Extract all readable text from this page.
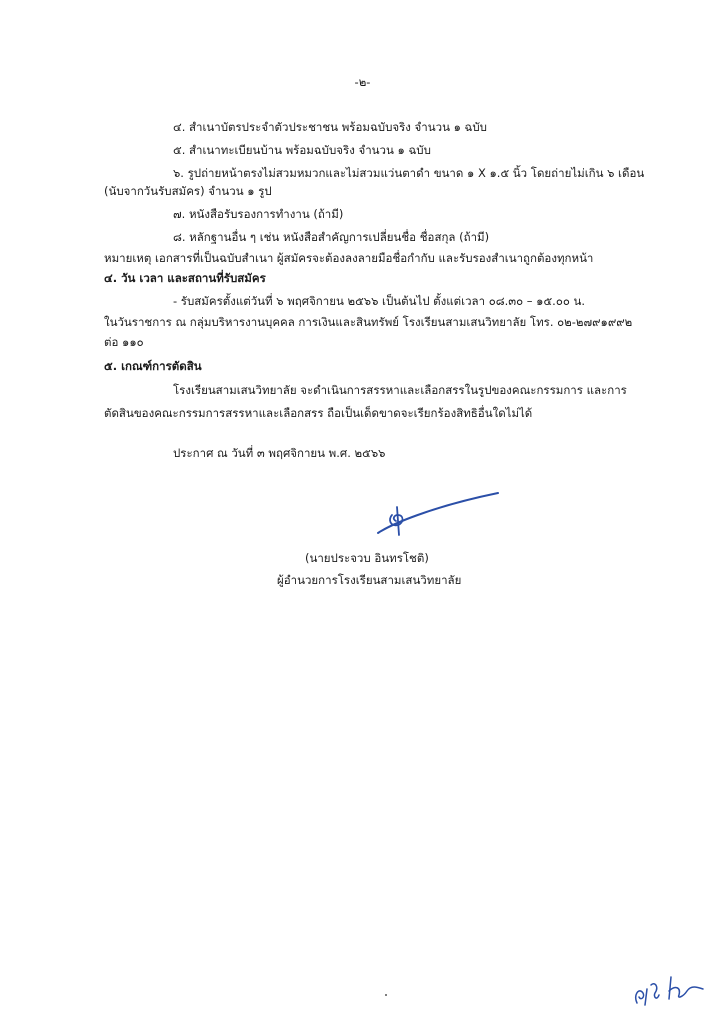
-๒-
๔. สำเนาบัตรประจำตัวประชาชน พร้อมฉบับจริง จำนวน ๑ ฉบับ
๕. สำเนาทะเบียนบ้าน พร้อมฉบับจริง จำนวน ๑ ฉบับ
๖. รูปถ่ายหน้าตรงไม่สวมหมวกและไม่สวมแว่นตาดำ ขนาด ๑ X ๑.๕ นิ้ว โดยถ่ายไม่เกิน ๖ เดือน
(นับจากวันรับสมัคร) จำนวน ๑ รูป
๗. หนังสือรับรองการทำงาน (ถ้ามี)
๘. หลักฐานอื่น ๆ เช่น หนังสือสำคัญการเปลี่ยนชื่อ ชื่อสกุล (ถ้ามี)
หมายเหตุ เอกสารที่เป็นฉบับสำเนา ผู้สมัครจะต้องลงลายมือชื่อกำกับ และรับรองสำเนาถูกต้องทุกหน้า
๔. วัน เวลา และสถานที่รับสมัคร
- รับสมัครตั้งแต่วันที่ ๖ พฤศจิกายน ๒๕๖๖ เป็นต้นไป ตั้งแต่เวลา ๐๘.๓๐ – ๑๕.๐๐ น.
ในวันราชการ ณ กลุ่มบริหารงานบุคคล การเงินและสินทรัพย์ โรงเรียนสามเสนวิทยาลัย โทร. ๐๒-๒๗๙๑๙๙๒
ต่อ ๑๑๐
๕. เกณฑ์การตัดสิน
โรงเรียนสามเสนวิทยาลัย จะดำเนินการสรรหาและเลือกสรรในรูปของคณะกรรมการ และการ
ตัดสินของคณะกรรมการสรรหาและเลือกสรร ถือเป็นเด็ดขาดจะเรียกร้องสิทธิอื่นใดไม่ได้
ประกาศ ณ วันที่ ๓ พฤศจิกายน พ.ศ. ๒๕๖๖
(นายประจวบ อินทรโชติ)
ผู้อำนวยการโรงเรียนสามเสนวิทยาลัย
